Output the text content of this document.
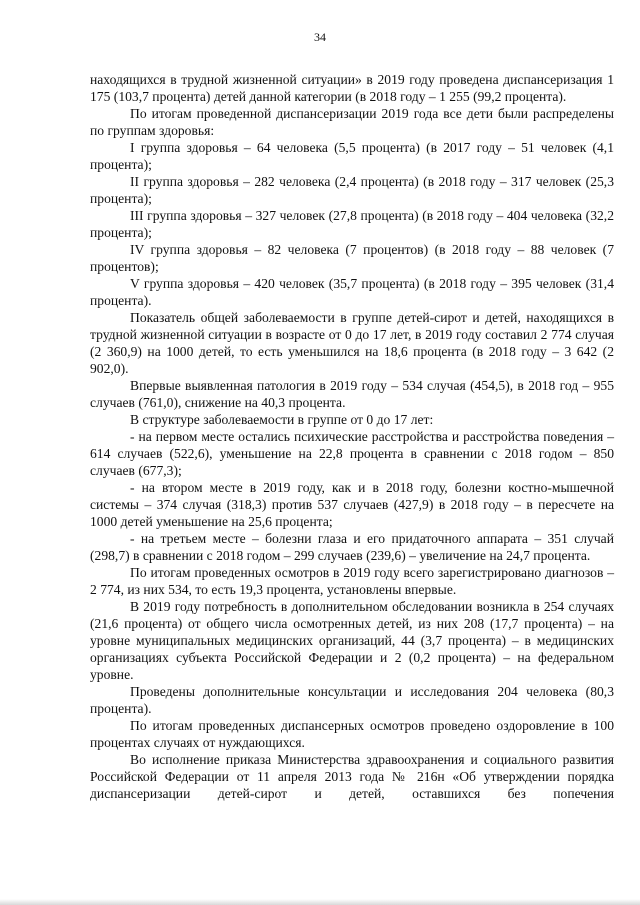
34

находящихся в трудной жизненной ситуации» в 2019 году проведена диспансеризация 1 175 (103,7 процента) детей данной категории (в 2018 году – 1 255 (99,2 процента).

По итогам проведенной диспансеризации 2019 года все дети были распределены по группам здоровья:

I группа здоровья – 64 человека (5,5 процента) (в 2017 году – 51 человек (4,1 процента);

II группа здоровья – 282 человека (2,4 процента) (в 2018 году – 317 человек (25,3 процента);

III группа здоровья – 327 человек (27,8 процента) (в 2018 году – 404 человека (32,2 процента);

IV группа здоровья – 82 человека (7 процентов) (в 2018 году – 88 человек (7 процентов);

V группа здоровья – 420 человек (35,7 процента) (в 2018 году – 395 человек (31,4 процента).

Показатель общей заболеваемости в группе детей-сирот и детей, находящихся в трудной жизненной ситуации в возрасте от 0 до 17 лет, в 2019 году составил 2 774 случая (2 360,9) на 1000 детей, то есть уменьшился на 18,6 процента (в 2018 году – 3 642 (2 902,0).

Впервые выявленная патология в 2019 году – 534 случая (454,5), в 2018 год – 955 случаев (761,0), снижение на 40,3 процента.

В структуре заболеваемости в группе от 0 до 17 лет:

- на первом месте остались психические расстройства и расстройства поведения – 614 случаев (522,6), уменьшение на 22,8 процента в сравнении с 2018 годом – 850 случаев (677,3);

- на втором месте в 2019 году, как и в 2018 году, болезни костно-мышечной системы – 374 случая (318,3) против 537 случаев (427,9) в 2018 году – в пересчете на 1000 детей уменьшение на 25,6 процента;

- на третьем месте – болезни глаза и его придаточного аппарата – 351 случай (298,7) в сравнении с 2018 годом – 299 случаев (239,6) – увеличение на 24,7 процента.

По итогам проведенных осмотров в 2019 году всего зарегистрировано диагнозов – 2 774, из них 534, то есть 19,3 процента, установлены впервые.

В 2019 году потребность в дополнительном обследовании возникла в 254 случаях (21,6 процента) от общего числа осмотренных детей, из них 208 (17,7 процента) – на уровне муниципальных медицинских организаций, 44 (3,7 процента) – в медицинских организациях субъекта Российской Федерации и 2 (0,2 процента) – на федеральном уровне.

Проведены дополнительные консультации и исследования 204 человека (80,3 процента).

По итогам проведенных диспансерных осмотров проведено оздоровление в 100 процентах случаях от нуждающихся.

Во исполнение приказа Министерства здравоохранения и социального развития Российской Федерации от 11 апреля 2013 года № 216н «Об утверждении порядка диспансеризации детей-сирот и детей, оставшихся без попечения
